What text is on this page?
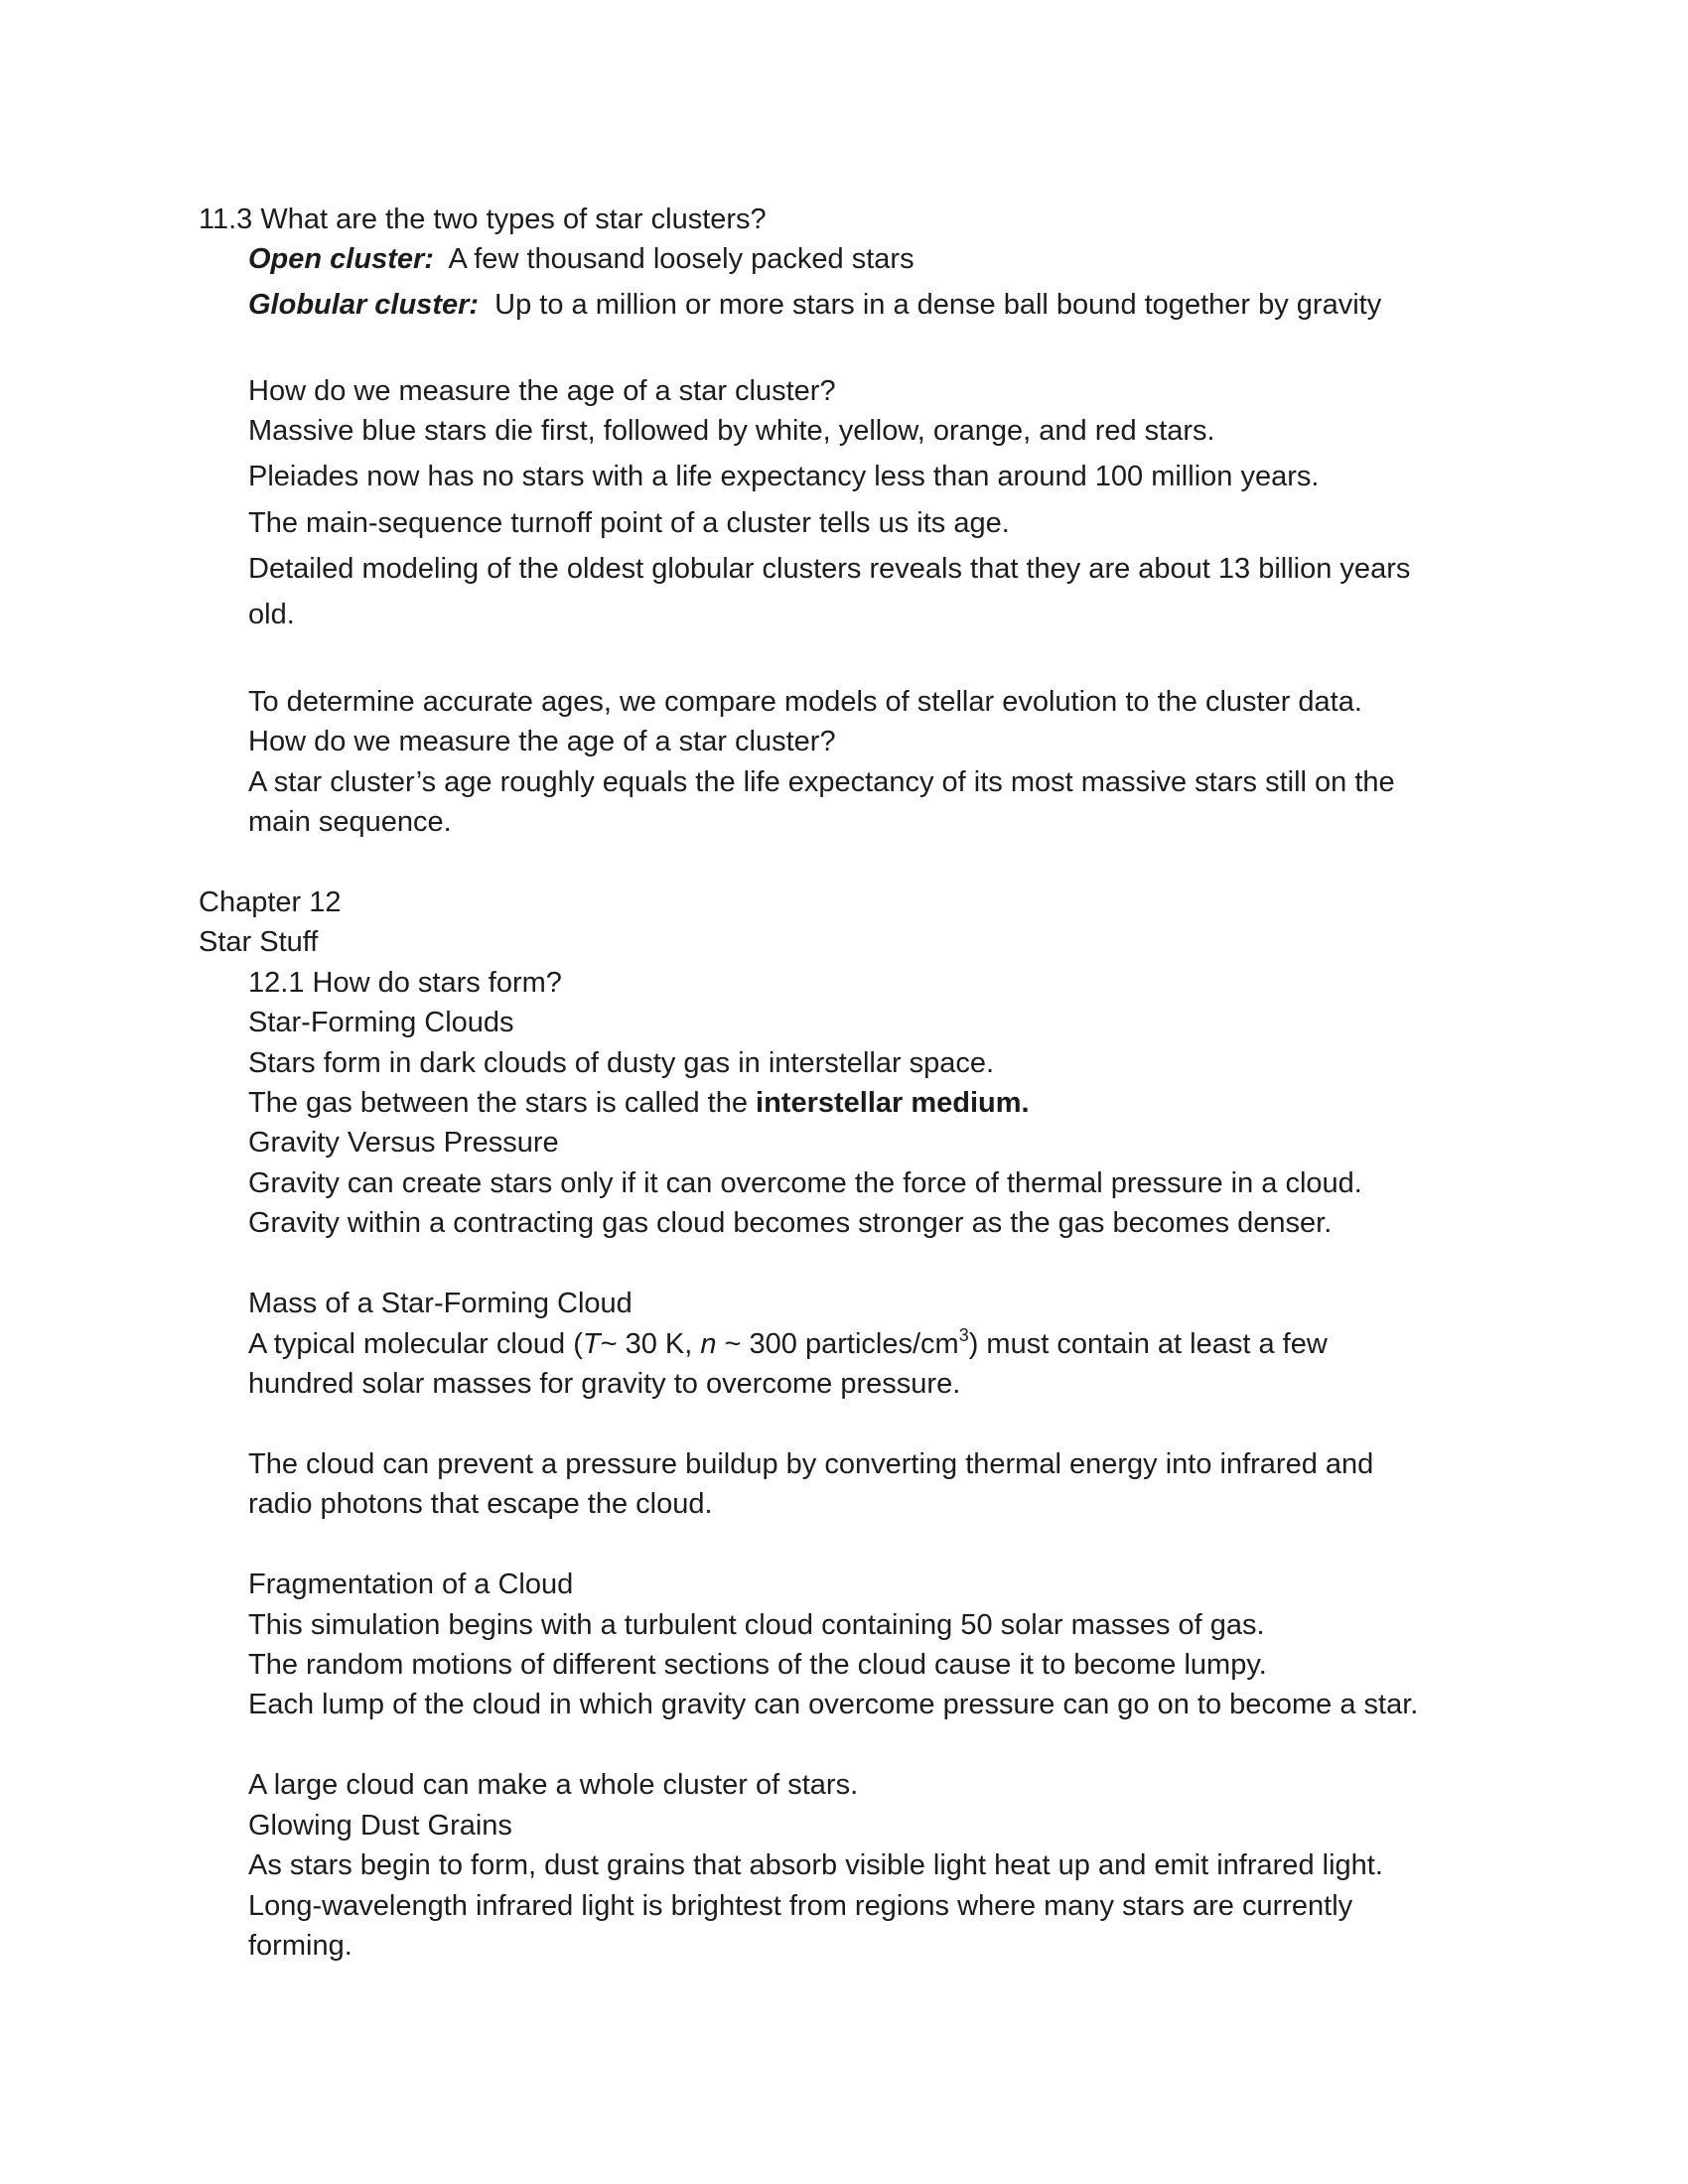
11.3 What are the two types of star clusters?
Open cluster: A few thousand loosely packed stars
Globular cluster: Up to a million or more stars in a dense ball bound together by gravity
How do we measure the age of a star cluster?
Massive blue stars die first, followed by white, yellow, orange, and red stars.
Pleiades now has no stars with a life expectancy less than around 100 million years.
The main-sequence turnoff point of a cluster tells us its age.
Detailed modeling of the oldest globular clusters reveals that they are about 13 billion years
old.
To determine accurate ages, we compare models of stellar evolution to the cluster data.
How do we measure the age of a star cluster?
A star cluster’s age roughly equals the life expectancy of its most massive stars still on the
main sequence.
Chapter 12
Star Stuff
12.1 How do stars form?
Star-Forming Clouds
Stars form in dark clouds of dusty gas in interstellar space.
The gas between the stars is called the interstellar medium.
Gravity Versus Pressure
Gravity can create stars only if it can overcome the force of thermal pressure in a cloud.
Gravity within a contracting gas cloud becomes stronger as the gas becomes denser.
Mass of a Star-Forming Cloud
A typical molecular cloud (T~ 30 K, n ~ 300 particles/$cm^3$) must contain at least a few
hundred solar masses for gravity to overcome pressure.
The cloud can prevent a pressure buildup by converting thermal energy into infrared and
radio photons that escape the cloud.
Fragmentation of a Cloud
This simulation begins with a turbulent cloud containing 50 solar masses of gas.
The random motions of different sections of the cloud cause it to become lumpy.
Each lump of the cloud in which gravity can overcome pressure can go on to become a star.
A large cloud can make a whole cluster of stars.
Glowing Dust Grains
As stars begin to form, dust grains that absorb visible light heat up and emit infrared light.
Long-wavelength infrared light is brightest from regions where many stars are currently
forming.
